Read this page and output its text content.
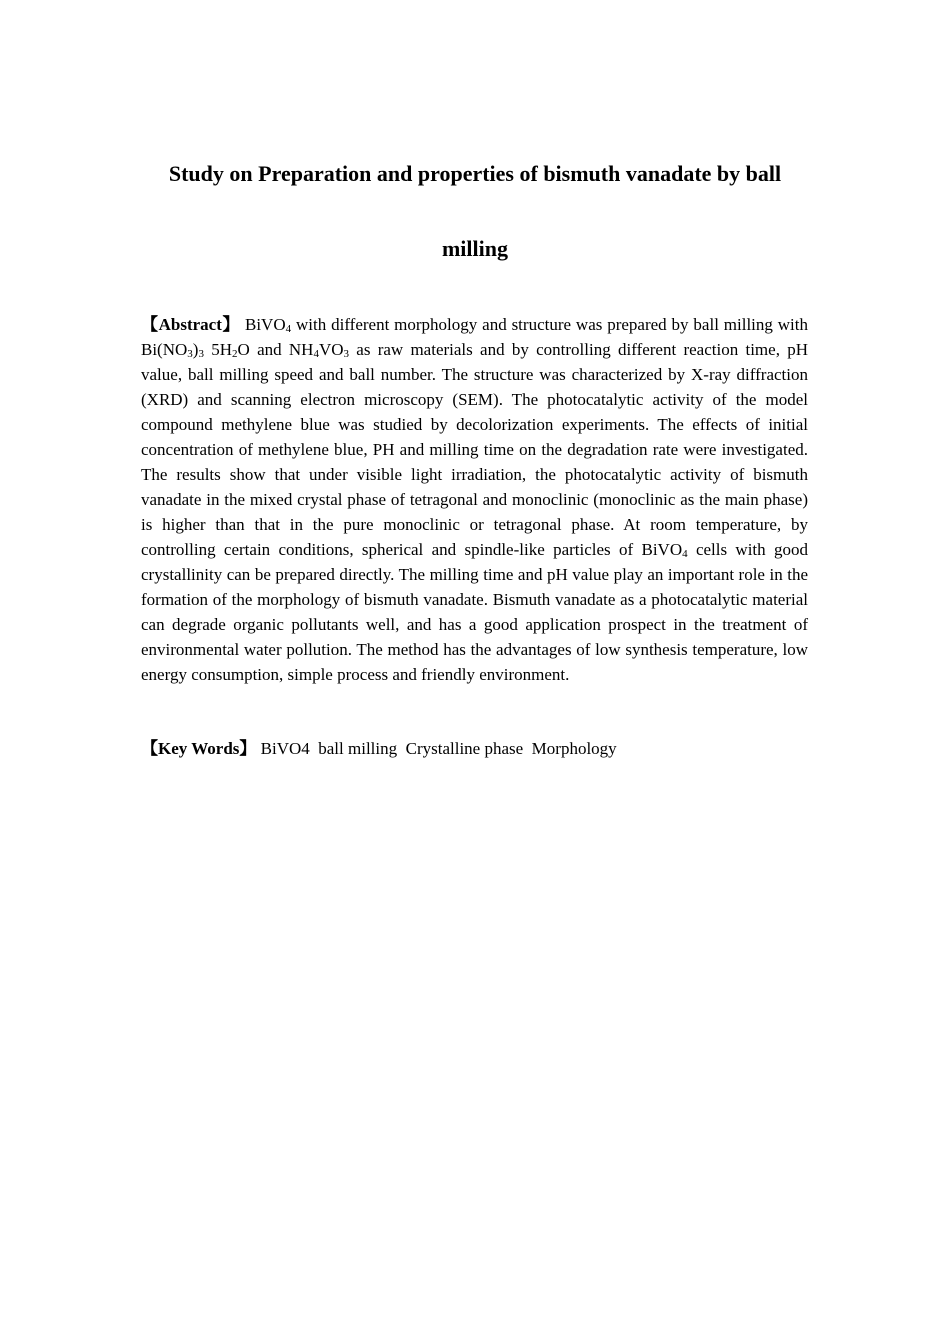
Study on Preparation and properties of bismuth vanadate by ball
milling

【Abstract】 BiVO$_4$ with different morphology and structure was prepared by ball milling with $Bi(NO_3)_3$ $5H_2O$ and $NH_4VO_3$ as raw materials and by controlling different reaction time, pH value, ball milling speed and ball number. The structure was characterized by X-ray diffraction (XRD) and scanning electron microscopy (SEM). The photocatalytic activity of the model compound methylene blue was studied by decolorization experiments. The effects of initial concentration of methylene blue, PH and milling time on the degradation rate were investigated. The results show that under visible light irradiation, the photocatalytic activity of bismuth vanadate in the mixed crystal phase of tetragonal and monoclinic (monoclinic as the main phase) is higher than that in the pure monoclinic or tetragonal phase. At room temperature, by controlling certain conditions, spherical and spindle-like particles of BiVO$_4$ cells with good crystallinity can be prepared directly. The milling time and pH value play an important role in the formation of the morphology of bismuth vanadate. Bismuth vanadate as a photocatalytic material can degrade organic pollutants well, and has a good application prospect in the treatment of environmental water pollution. The method has the advantages of low synthesis temperature, low energy consumption, simple process and friendly environment.

【Key Words】 BiVO4  ball milling  Crystalline phase  Morphology
